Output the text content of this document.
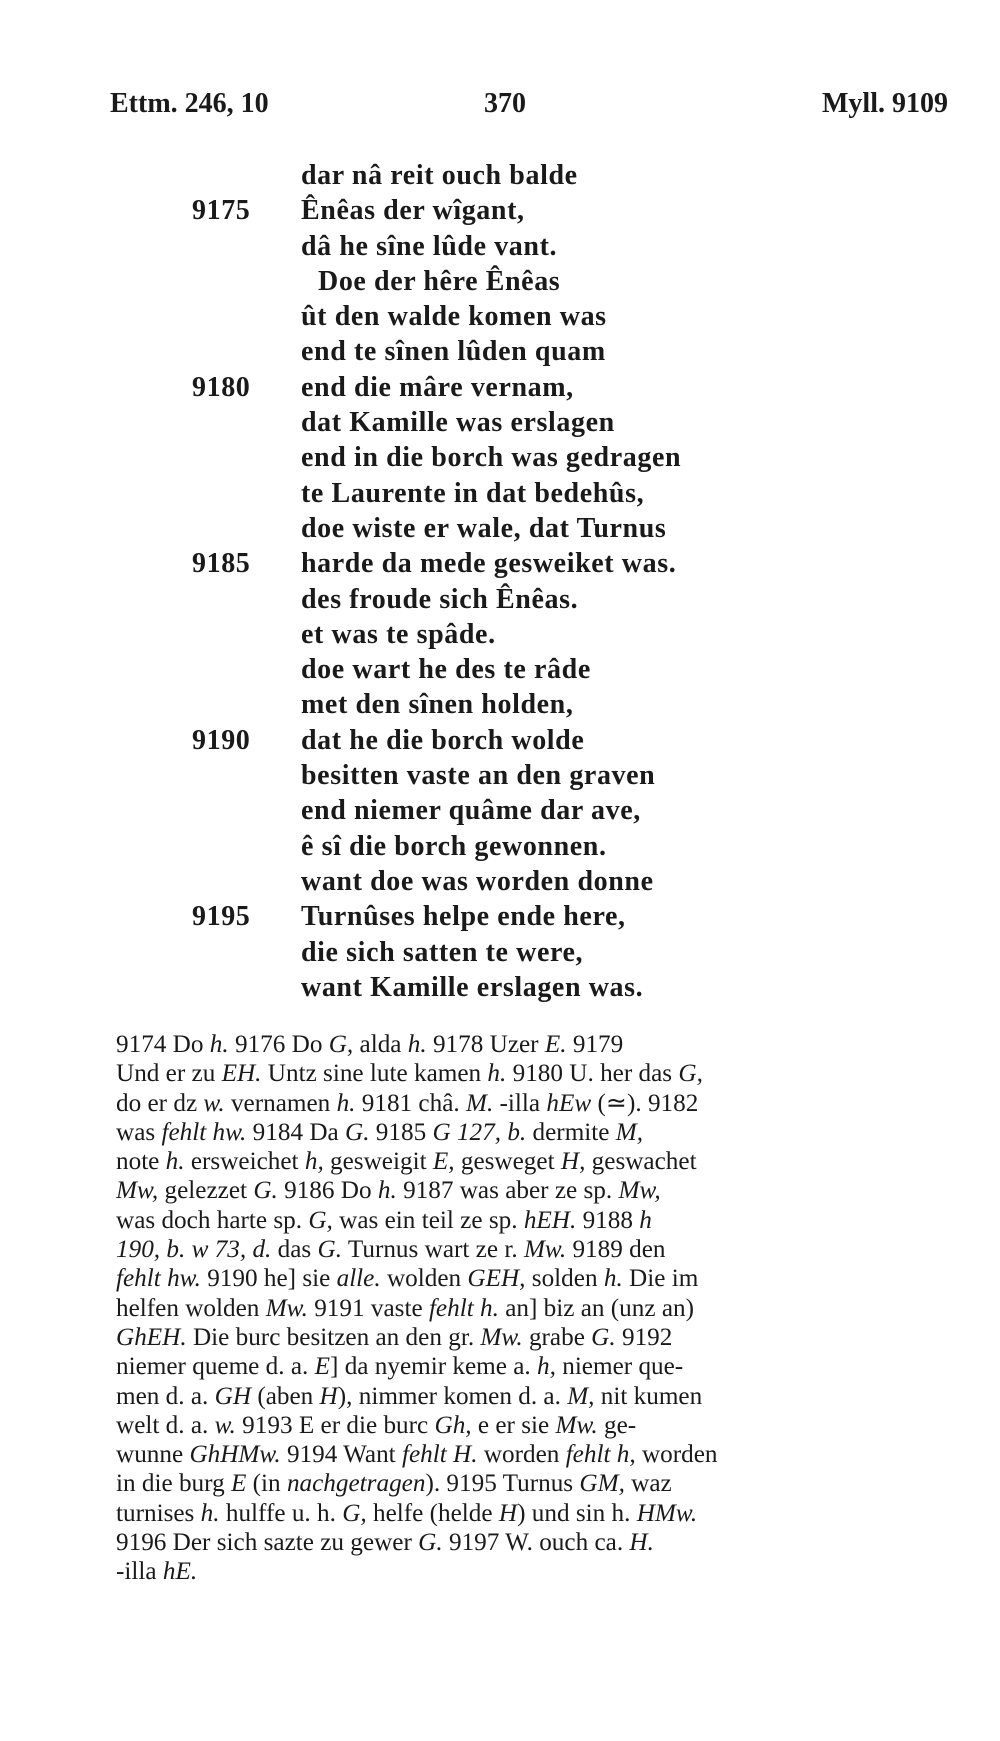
Ettm. 246, 10	370	Myll. 9109
dar nâ reit ouch balde
9175 Ênêas der wîgant,
dâ he sîne lûde vant.
Doe der hêre Ênêas
ût den walde komen was
end te sînen lûden quam
9180 end die mâre vernam,
dat Kamille was erslagen
end in die borch was gedragen
te Laurente in dat bedehûs,
doe wiste er wale, dat Turnus
9185 harde da mede gesweiket was.
des froude sich Ênêas.
et was te spâde.
doe wart he des te râde
met den sînen holden,
9190 dat he die borch wolde
besitten vaste an den graven
end niemer quâme dar ave,
ê sî die borch gewonnen.
want doe was worden donne
9195 Turnûses helpe ende here,
die sich satten te were,
want Kamille erslagen was.
9174 Do h. 9176 Do G, alda h. 9178 Uzer E. 9179
Und er zu EH. Untz sine lute kamen h. 9180 U. her das G,
do er dz w. vernamen h. 9181 châ. M. -illa hEw (≃). 9182
was fehlt hw. 9184 Da G. 9185 G 127, b. dermite M,
note h. ersweichet h, gesweigit E, gesweget H, geswachet
Mw, gelezzet G. 9186 Do h. 9187 was aber ze sp. Mw,
was doch harte sp. G, was ein teil ze sp. hEH. 9188 h
190, b. w 73, d. das G. Turnus wart ze r. Mw. 9189 den
fehlt hw. 9190 he] sie alle. wolden GEH, solden h. Die im
helfen wolden Mw. 9191 vaste fehlt h. an] biz an (unz an)
GhEH. Die burc besitzen an den gr. Mw. grabe G. 9192
niemer queme d. a. E] da nyemir keme a. h, niemer que-
men d. a. GH (aben H), nimmer komen d. a. M, nit kumen
welt d. a. w. 9193 E er die burc Gh, e er sie Mw. ge-
wunne GhHMw. 9194 Want fehlt H. worden fehlt h, worden
in die burg E (in nachgetragen). 9195 Turnus GM, waz
turnises h. hulffe u. h. G, helfe (helde H) und sin h. HMw.
9196 Der sich sazte zu gewer G. 9197 W. ouch ca. H.
-illa hE.
